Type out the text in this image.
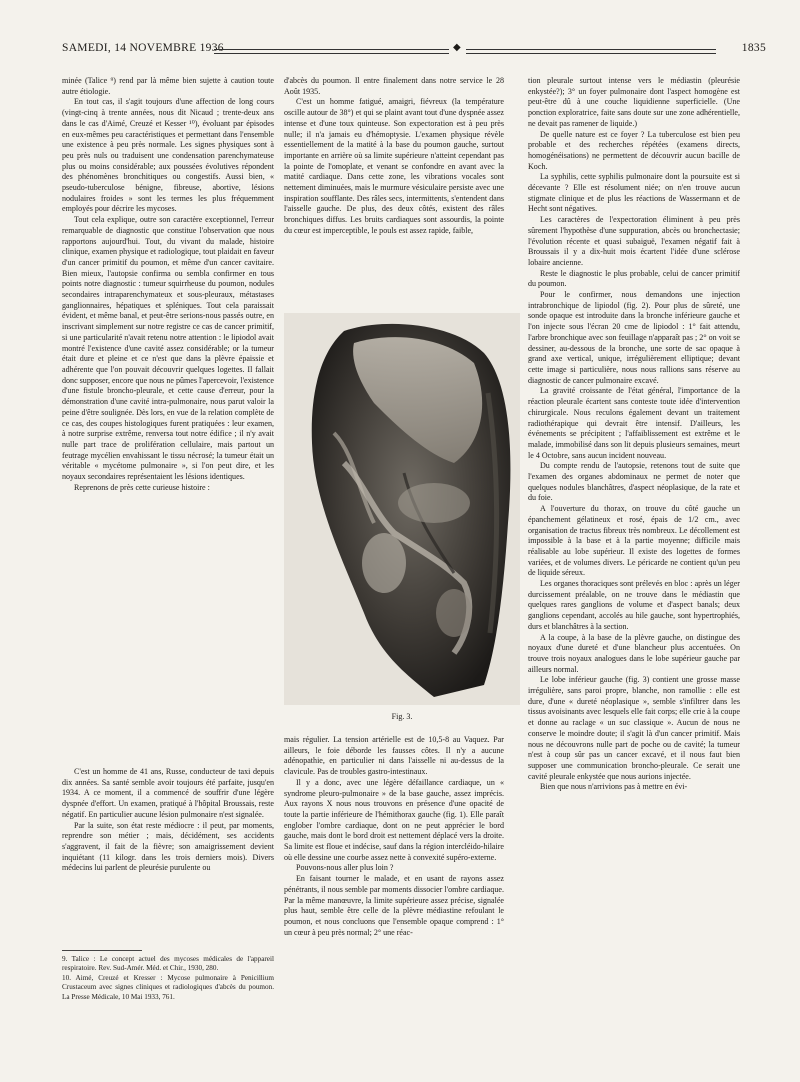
SAMEDI, 14 NOVEMBRE 1936	◆	1835

minée (Talice ⁹) rend par là même bien sujette à caution toute autre étiologie.

En tout cas, il s'agit toujours d'une affection de long cours (vingt-cinq à trente années, nous dit Nicaud ; trente-deux ans dans le cas d'Aimé, Creuzé et Kesser ¹⁰), évoluant par épisodes en eux-mêmes peu caractéristiques et permettant dans l'ensemble une existence à peu près normale. Les signes physiques sont à peu près nuls ou traduisent une condensation parenchymateuse plus ou moins considérable; aux poussées évolutives répondent des phénomènes bronchitiques ou congestifs. Aussi bien, « pseudo-tuberculose bénigne, fibreuse, abortive, lésions nodulaires froides » sont les termes les plus fréquemment employés pour décrire les mycoses.

Tout cela explique, outre son caractère exceptionnel, l'erreur remarquable de diagnostic que constitue l'observation que nous rapportons aujourd'hui. Tout, du vivant du malade, histoire clinique, examen physique et radiologique, tout plaidait en faveur d'un cancer primitif du poumon, et même d'un cancer cavitaire. Bien mieux, l'autopsie confirma ou sembla confirmer en tous points notre diagnostic : tumeur squirrheuse du poumon, nodules secondaires intraparenchymateux et sous-pleuraux, métastases ganglionnaires, hépatiques et spléniques. Tout cela paraissait évident, et même banal, et peut-être serions-nous passés outre, en inscrivant simplement sur notre registre ce cas de cancer primitif, si une particularité n'avait retenu notre attention : le lipiodol avait montré l'existence d'une cavité assez considérable; or la tumeur était dure et pleine et ce n'est que dans la plèvre épaissie et adhérente que l'on pouvait découvrir quelques logettes. Il fallait donc supposer, encore que nous ne pûmes l'apercevoir, l'existence d'une fistule broncho-pleurale, et cette cause d'erreur, pour la démonstration d'une cavité intra-pulmonaire, nous parut valoir la peine d'être soulignée. Dès lors, en vue de la relation complète de ce cas, des coupes histologiques furent pratiquées : leur examen, à notre surprise extrême, renversa tout notre édifice ; il n'y avait nulle part trace de prolifération cellulaire, mais partout un feutrage mycélien envahissant le tissu nécrosé; la tumeur était un véritable « mycétome pulmonaire », si l'on peut dire, et les noyaux secondaires représentaient les lésions identiques.

Reprenons de près cette curieuse histoire :

C'est un homme de 41 ans, Russe, conducteur de taxi depuis dix années. Sa santé semble avoir toujours été parfaite, jusqu'en 1934. A ce moment, il a commencé de souffrir d'une légère dyspnée d'effort. Un examen, pratiqué à l'hôpital Broussais, reste négatif. En particulier aucune lésion pulmonaire n'est signalée.

Par la suite, son état reste médiocre : il peut, par moments, reprendre son métier ; mais, décidément, ses accidents s'aggravent, il fait de la fièvre; son amaigrissement devient inquiétant (11 kilogr. dans les trois derniers mois). Divers médecins lui parlent de pleurésie purulente ou

9. Talice : Le concept actuel des mycoses médicales de l'appareil respiratoire. Rev. Sud-Amér. Méd. et Chir., 1930, 280.

10. Aimé, Creuzé et Kresser : Mycose pulmonaire à Penicillium Crustaceum avec signes cliniques et radiologiques d'abcès du poumon. La Presse Médicale, 10 Mai 1933, 761.

d'abcès du poumon. Il entre finalement dans notre service le 28 Août 1935.

C'est un homme fatigué, amaigri, fiévreux (la température oscille autour de 38°) et qui se plaint avant tout d'une dyspnée assez intense et d'une toux quinteuse. Son expectoration est à peu près nulle; il n'a jamais eu d'hémoptysie. L'examen physique révèle essentiellement de la matité à la base du poumon gauche, surtout importante en arrière où sa limite supérieure n'atteint cependant pas la pointe de l'omoplate, et venant se confondre en avant avec la matité cardiaque. Dans cette zone, les vibrations vocales sont nettement diminuées, mais le murmure vésiculaire persiste avec une inspiration soufflante. Des râles secs, intermittents, s'entendent dans l'aisselle gauche. De plus, des deux côtés, existent des râles bronchiques diffus. Les bruits cardiaques sont assourdis, la pointe du cœur est imperceptible, le pouls est assez rapide, faible,

Fig. 3.

mais régulier. La tension artérielle est de 10,5-8 au Vaquez. Par ailleurs, le foie déborde les fausses côtes. Il n'y a aucune adénopathie, en particulier ni dans l'aisselle ni au-dessus de la clavicule. Pas de troubles gastro-intestinaux.

Il y a donc, avec une légère défaillance cardiaque, un « syndrome pleuro-pulmonaire » de la base gauche, assez imprécis. Aux rayons X nous nous trouvons en présence d'une opacité de toute la partie inférieure de l'hémithorax gauche (fig. 1). Elle paraît englober l'ombre cardiaque, dont on ne peut apprécier le bord gauche, mais dont le bord droit est nettement déplacé vers la droite. Sa limite est floue et indécise, sauf dans la région intercléido-hilaire où elle dessine une courbe assez nette à convexité supéro-externe.

Pouvons-nous aller plus loin ?

En faisant tourner le malade, et en usant de rayons assez pénétrants, il nous semble par moments dissocier l'ombre cardiaque. Par la même manœuvre, la limite supérieure assez précise, signalée plus haut, semble être celle de la plèvre médiastine refoulant le poumon, et nous concluons que l'ensemble opaque comprend : 1° un cœur à peu près normal; 2° une réac-

tion pleurale surtout intense vers le médiastin (pleurésie enkystée?); 3° un foyer pulmonaire dont l'aspect homogène est peut-être dû à une couche liquidienne superficielle. (Une ponction exploratrice, faite sans doute sur une zone adhérentielle, ne devait pas ramener de liquide.)

De quelle nature est ce foyer ? La tuberculose est bien peu probable et des recherches répétées (examens directs, homogénéisations) ne permettent de découvrir aucun bacille de Koch.

La syphilis, cette syphilis pulmonaire dont la poursuite est si décevante ? Elle est résolument niée; on n'en trouve aucun stigmate clinique et de plus les réactions de Wassermann et de Hecht sont négatives.

Les caractères de l'expectoration éliminent à peu près sûrement l'hypothèse d'une suppuration, abcès ou bronchectasie; l'évolution récente et quasi subaiguë, l'examen négatif fait à Broussais il y a dix-huit mois écartent l'idée d'une sclérose lobaire ancienne.

Reste le diagnostic le plus probable, celui de cancer primitif du poumon.

Pour le confirmer, nous demandons une injection intrabronchique de lipiodol (fig. 2). Pour plus de sûreté, une sonde opaque est introduite dans la bronche inférieure gauche et l'on injecte sous l'écran 20 cme de lipiodol : 1° fait attendu, l'arbre bronchique avec son feuillage n'apparaît pas ; 2° on voit se dessiner, au-dessous de la bronche, une sorte de sac opaque à grand axe vertical, unique, irrégulièrement elliptique; devant cette image si particulière, nous nous rallions sans réserve au diagnostic de cancer pulmonaire excavé.

La gravité croissante de l'état général, l'importance de la réaction pleurale écartent sans conteste toute idée d'intervention chirurgicale. Nous reculons également devant un traitement radiothérapique qui devrait être intensif. D'ailleurs, les événements se précipitent ; l'affaiblissement est extrême et le malade, immobilisé dans son lit depuis plusieurs semaines, meurt le 4 Octobre, sans aucun incident nouveau.

Du compte rendu de l'autopsie, retenons tout de suite que l'examen des organes abdominaux ne permet de noter que quelques nodules blanchâtres, d'aspect néoplasique, de la rate et du foie.

A l'ouverture du thorax, on trouve du côté gauche un épanchement gélatineux et rosé, épais de 1/2 cm., avec organisation de tractus fibreux très nombreux. Le décollement est impossible à la base et à la partie moyenne; difficile mais réalisable au lobe supérieur. Il existe des logettes de formes variées, et de volumes divers. Le péricarde ne contient qu'un peu de liquide séreux.

Les organes thoraciques sont prélevés en bloc : après un léger durcissement préalable, on ne trouve dans le médiastin que quelques rares ganglions de volume et d'aspect banals; deux ganglions cependant, accolés au hile gauche, sont hypertrophiés, durs et blanchâtres à la section.

A la coupe, à la base de la plèvre gauche, on distingue des noyaux d'une dureté et d'une blancheur plus accentuées. On trouve trois noyaux analogues dans le lobe supérieur gauche par ailleurs normal.

Le lobe inférieur gauche (fig. 3) contient une grosse masse irrégulière, sans paroi propre, blanche, non ramollie : elle est dure, d'une « dureté néoplasique », semble s'infiltrer dans les tissus avoisinants avec lesquels elle fait corps; elle crie à la coupe et donne au raclage « un suc classique ». Aucun de nous ne conserve le moindre doute; il s'agit là d'un cancer primitif. Mais nous ne découvrons nulle part de poche ou de cavité; la tumeur n'est à coup sûr pas un cancer excavé, et il nous faut bien supposer une communication broncho-pleurale. Ce serait une cavité pleurale enkystée que nous aurions injectée.

Bien que nous n'arrivions pas à mettre en évi-
